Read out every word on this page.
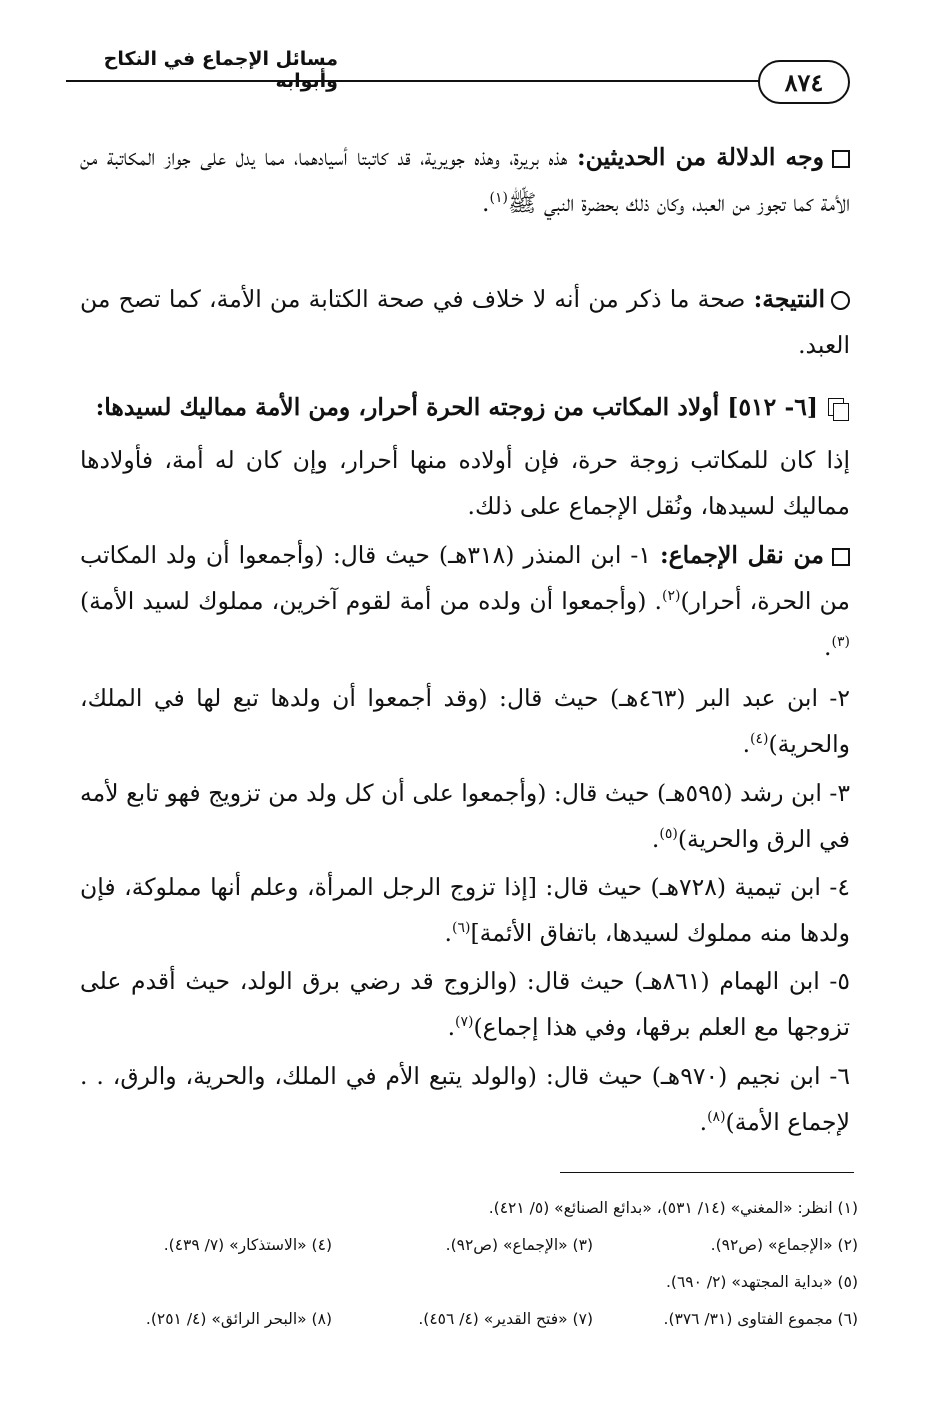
مسائل الإجماع في النكاح وأبوابه	٨٧٤
وجه الدلالة من الحديثين: هذه بريرة، وهذه جويرية، قد كاتبتا أسيادهما، مما يدل على جواز المكاتبة من الأمة كما تجوز من العبد، وكان ذلك بحضرة النبي ﷺ$^{(١)}$.
النتيجة: صحة ما ذكر من أنه لا خلاف في صحة الكتابة من الأمة، كما تصح من العبد.
[٦- ٥١٢] أولاد المكاتب من زوجته الحرة أحرار، ومن الأمة مماليك لسيدها:
إذا كان للمكاتب زوجة حرة، فإن أولاده منها أحرار، وإن كان له أمة، فأولادها مماليك لسيدها، ونُقل الإجماع على ذلك.
من نقل الإجماع: ١- ابن المنذر (٣١٨هـ) حيث قال: (وأجمعوا أن ولد المكاتب من الحرة، أحرار)$^{(٢)}$. (وأجمعوا أن ولده من أمة لقوم آخرين، مملوك لسيد الأمة)$^{(٣)}$.
٢- ابن عبد البر (٤٦٣هـ) حيث قال: (وقد أجمعوا أن ولدها تبع لها في الملك، والحرية)$^{(٤)}$.
٣- ابن رشد (٥٩٥هـ) حيث قال: (وأجمعوا على أن كل ولد من تزويج فهو تابع لأمه في الرق والحرية)$^{(٥)}$.
٤- ابن تيمية (٧٢٨هـ) حيث قال: [إذا تزوج الرجل المرأة، وعلم أنها مملوكة، فإن ولدها منه مملوك لسيدها، باتفاق الأئمة]$^{(٦)}$.
٥- ابن الهمام (٨٦١هـ) حيث قال: (والزوج قد رضي برق الولد، حيث أقدم على تزوجها مع العلم برقها، وفي هذا إجماع)$^{(٧)}$.
٦- ابن نجيم (٩٧٠هـ) حيث قال: (والولد يتبع الأم في الملك، والحرية، والرق، . . لإجماع الأمة)$^{(٨)}$.
(١) انظر: «المغني» (١٤/ ٥٣١)، «بدائع الصنائع» (٥/ ٤٢١).
(٢) «الإجماع» (ص٩٢).
(٣) «الإجماع» (ص٩٢).
(٤) «الاستذكار» (٧/ ٤٣٩).
(٥) «بداية المجتهد» (٢/ ٦٩٠).
(٦) مجموع الفتاوى (٣١/ ٣٧٦).
(٧) «فتح القدير» (٤/ ٤٥٦).
(٨) «البحر الرائق» (٤/ ٢٥١).
